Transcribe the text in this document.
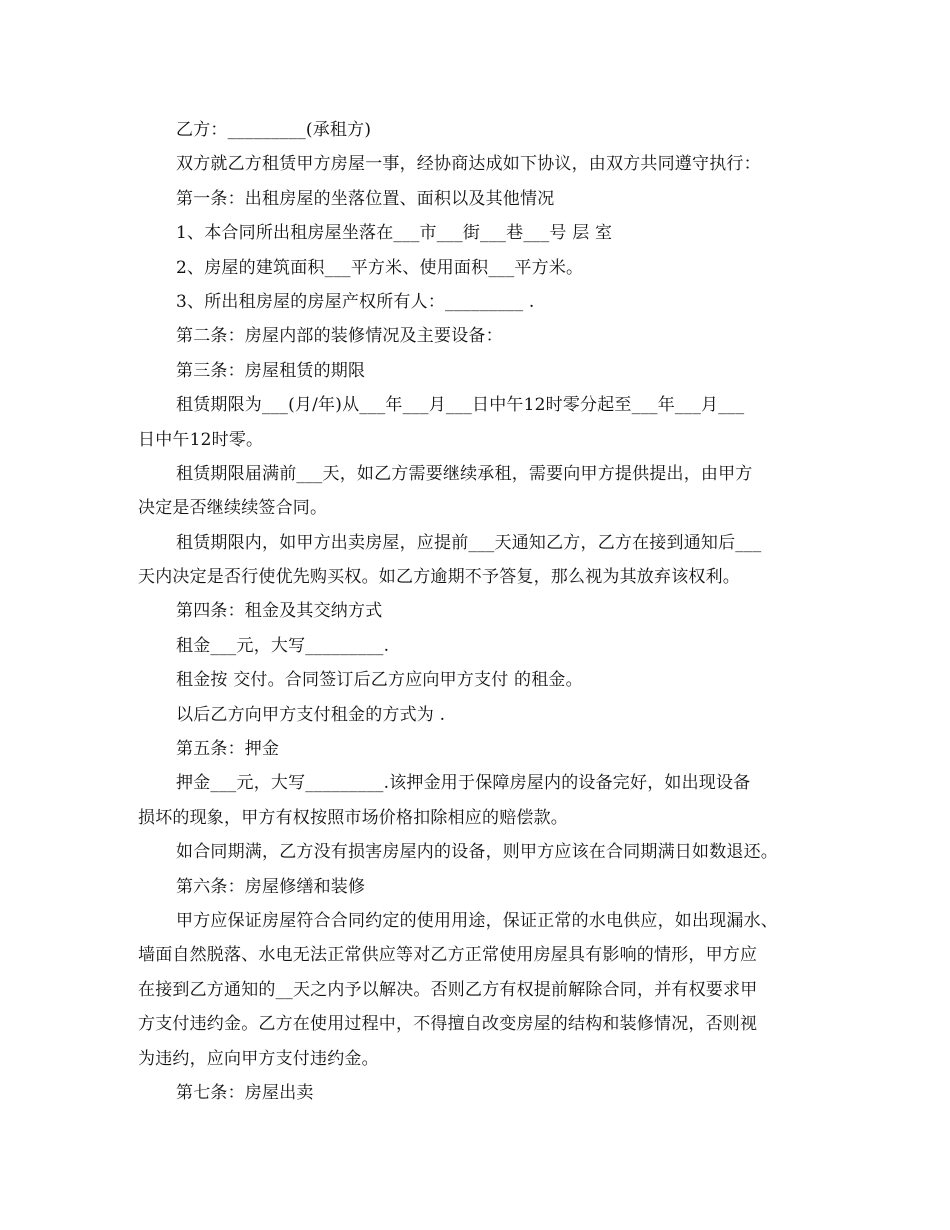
乙方：_________(承租方)
双方就乙方租赁甲方房屋一事，经协商达成如下协议，由双方共同遵守执行：
第一条：出租房屋的坐落位置、面积以及其他情况
1、本合同所出租房屋坐落在___市___街___巷___号 层 室
2、房屋的建筑面积___平方米、使用面积___平方米。
3、所出租房屋的房屋产权所有人：_________ .
第二条：房屋内部的装修情况及主要设备：
第三条：房屋租赁的期限
租赁期限为___(月/年)从___年___月___日中午12时零分起至___年___月___
日中午12时零。
租赁期限届满前___天，如乙方需要继续承租，需要向甲方提供提出，由甲方
决定是否继续续签合同。
租赁期限内，如甲方出卖房屋，应提前___天通知乙方，乙方在接到通知后___
天内决定是否行使优先购买权。如乙方逾期不予答复，那么视为其放弃该权利。
第四条：租金及其交纳方式
租金___元，大写_________.
租金按 交付。合同签订后乙方应向甲方支付 的租金。
以后乙方向甲方支付租金的方式为 .
第五条：押金
押金___元，大写_________.该押金用于保障房屋内的设备完好，如出现设备
损坏的现象，甲方有权按照市场价格扣除相应的赔偿款。
如合同期满，乙方没有损害房屋内的设备，则甲方应该在合同期满日如数退还。
第六条：房屋修缮和装修
甲方应保证房屋符合合同约定的使用用途，保证正常的水电供应，如出现漏水、
墙面自然脱落、水电无法正常供应等对乙方正常使用房屋具有影响的情形，甲方应
在接到乙方通知的__天之内予以解决。否则乙方有权提前解除合同，并有权要求甲
方支付违约金。乙方在使用过程中，不得擅自改变房屋的结构和装修情况，否则视
为违约，应向甲方支付违约金。
第七条：房屋出卖
